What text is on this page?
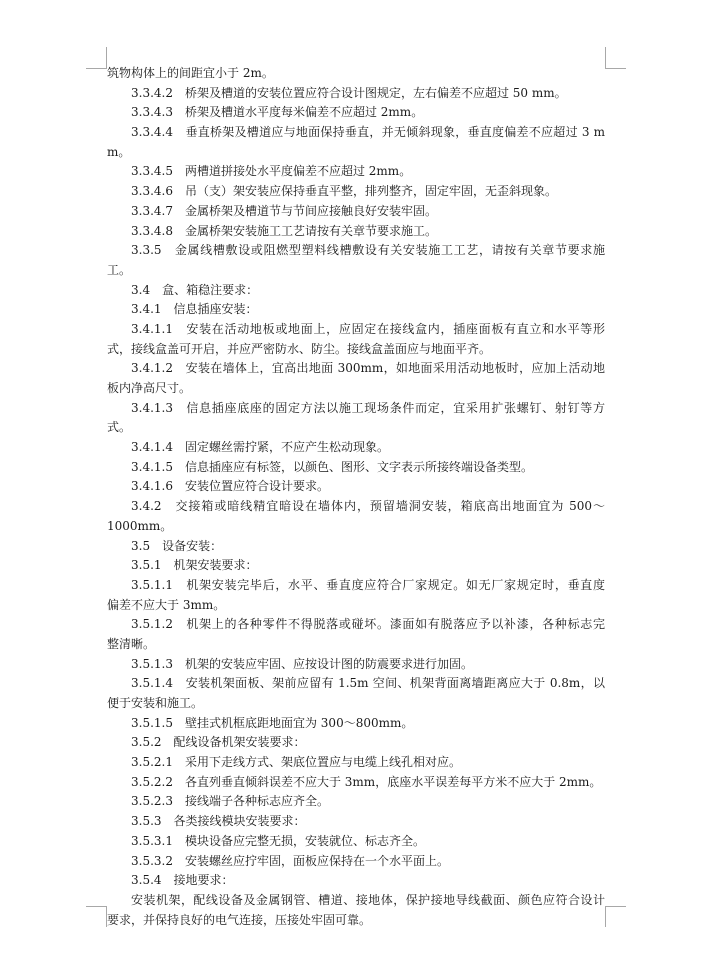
筑物构体上的间距宜小于 2m。
3.3.4.2　桥架及槽道的安装位置应符合设计图规定，左右偏差不应超过 50 mm。
3.3.4.3　桥架及槽道水平度每米偏差不应超过 2mm。
3.3.4.4　垂直桥架及槽道应与地面保持垂直，并无倾斜现象，垂直度偏差不应超过 3 m
m。
3.3.4.5　两槽道拼接处水平度偏差不应超过 2mm。
3.3.4.6　吊（支）架安装应保持垂直平整，排列整齐，固定牢固，无歪斜现象。
3.3.4.7　金属桥架及槽道节与节间应接触良好安装牢固。
3.3.4.8　金属桥架安装施工工艺请按有关章节要求施工。
3.3.5　金属线槽敷设或阻燃型塑料线槽敷设有关安装施工工艺，请按有关章节要求施
工。
3.4　盒、箱稳注要求：
3.4.1　信息插座安装：
3.4.1.1　安装在活动地板或地面上，应固定在接线盒内，插座面板有直立和水平等形
式，接线盒盖可开启，并应严密防水、防尘。接线盒盖面应与地面平齐。
3.4.1.2　安装在墙体上，宜高出地面 300mm，如地面采用活动地板时，应加上活动地
板内净高尺寸。
3.4.1.3　信息插座底座的固定方法以施工现场条件而定，宜采用扩张螺钉、射钉等方
式。
3.4.1.4　固定螺丝需拧紧，不应产生松动现象。
3.4.1.5　信息插座应有标签，以颜色、图形、文字表示所接终端设备类型。
3.4.1.6　安装位置应符合设计要求。
3.4.2　交接箱或暗线精宜暗设在墙体内，预留墙洞安装，箱底高出地面宜为 500～
1000mm。
3.5　设备安装：
3.5.1　机架安装要求：
3.5.1.1　机架安装完毕后，水平、垂直度应符合厂家规定。如无厂家规定时，垂直度
偏差不应大于 3mm。
3.5.1.2　机架上的各种零件不得脱落或碰坏。漆面如有脱落应予以补漆，各种标志完
整清晰。
3.5.1.3　机架的安装应牢固、应按设计图的防震要求进行加固。
3.5.1.4　安装机架面板、架前应留有 1.5m 空间、机架背面离墙距离应大于 0.8m，以
便于安装和施工。
3.5.1.5　壁挂式机框底距地面宜为 300～800mm。
3.5.2　配线设备机架安装要求：
3.5.2.1　采用下走线方式、架底位置应与电缆上线孔相对应。
3.5.2.2　各直列垂直倾斜误差不应大于 3mm，底座水平误差每平方米不应大于 2mm。
3.5.2.3　接线端子各种标志应齐全。
3.5.3　各类接线模块安装要求：
3.5.3.1　模块设备应完整无损，安装就位、标志齐全。
3.5.3.2　安装螺丝应拧牢固，面板应保持在一个水平面上。
3.5.4　接地要求：
安装机架，配线设备及金属钢管、槽道、接地体，保护接地导线截面、颜色应符合设计
要求，并保持良好的电气连接，压接处牢固可靠。
